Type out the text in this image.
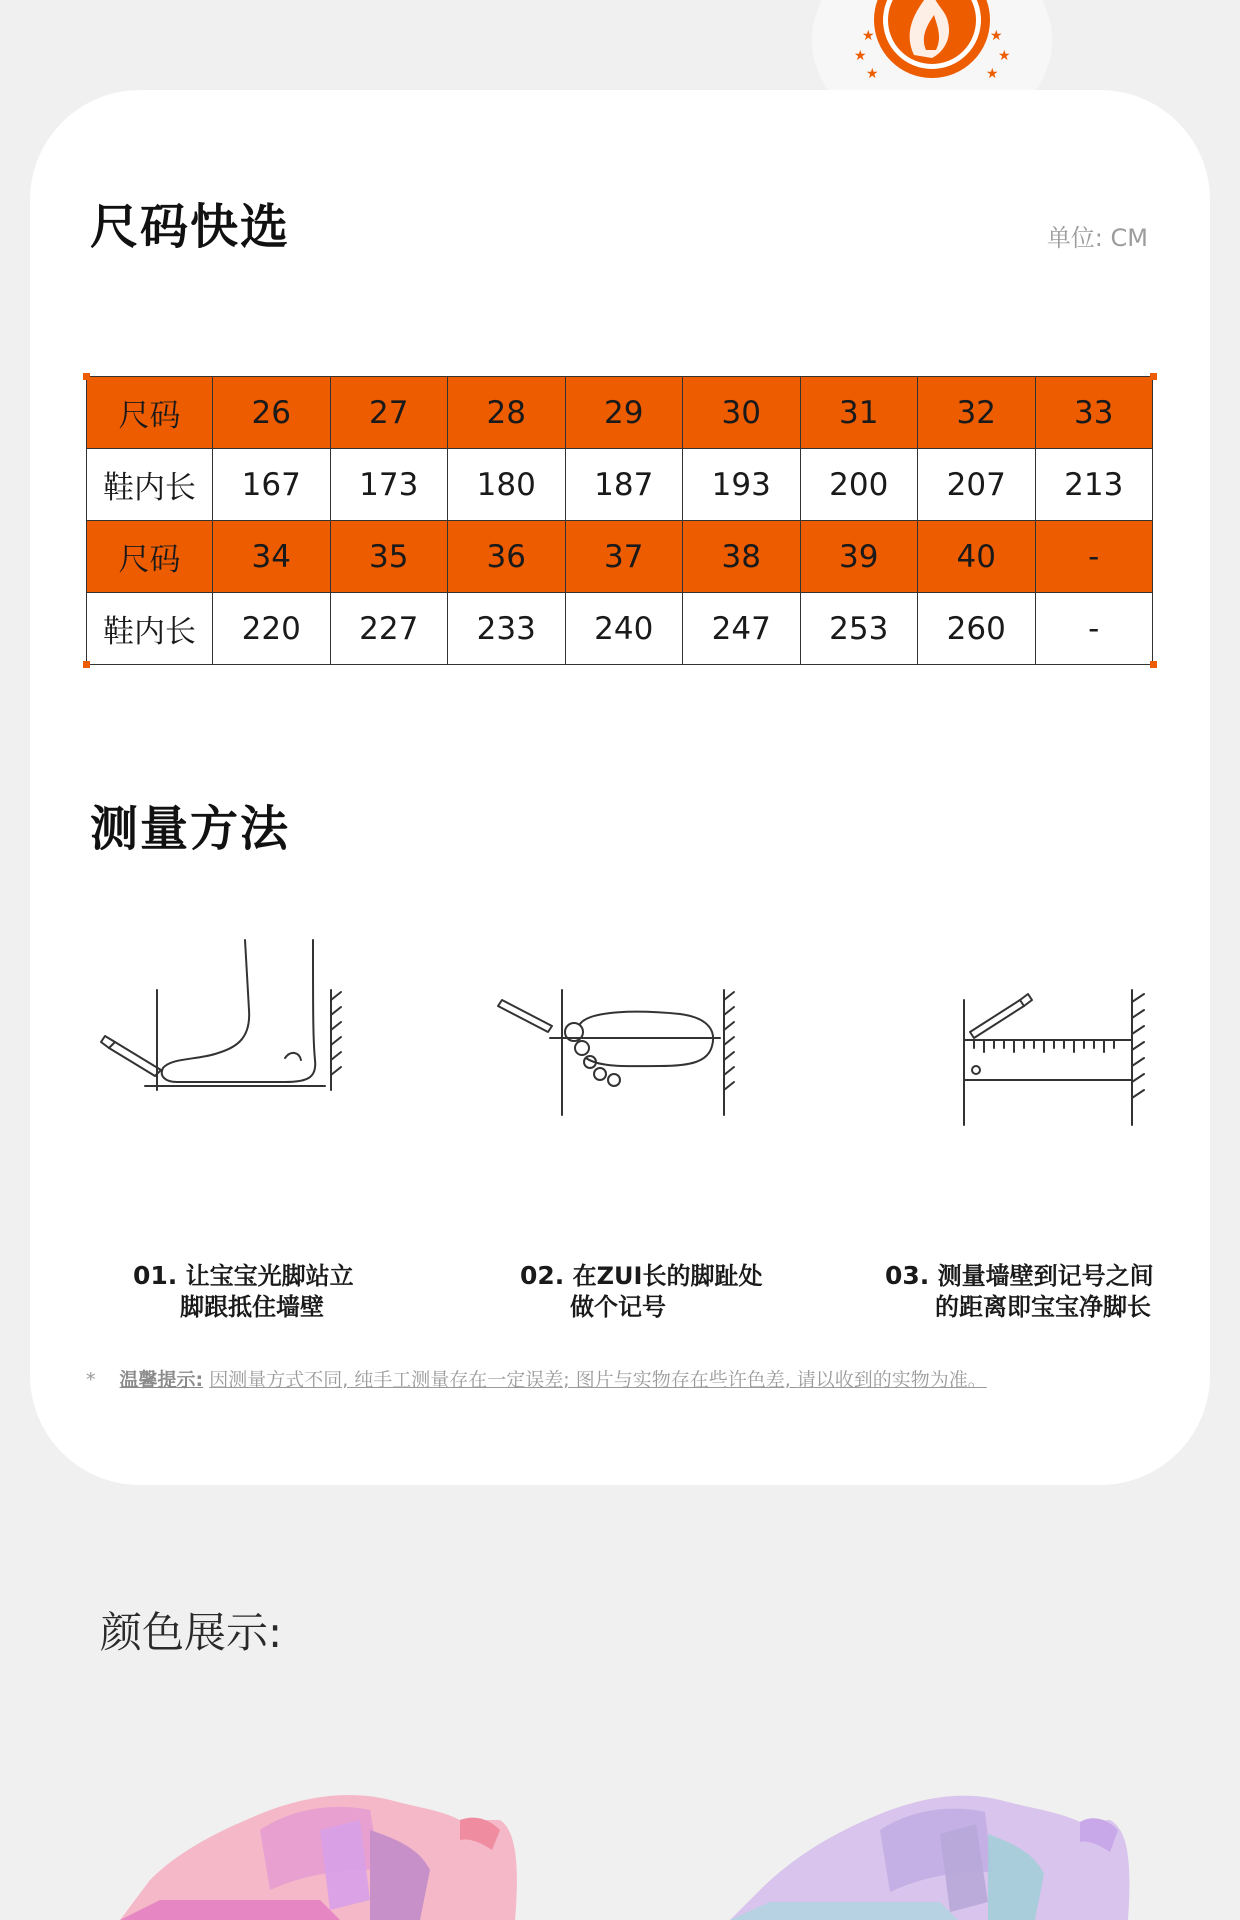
★
★
★
★
★
★
尺码快选	单位: CM
尺码	26	27	28	29	30	31	32	33
鞋内长	167	173	180	187	193	200	207	213
尺码	34	35	36	37	38	39	40	-
鞋内长	220	227	233	240	247	253	260	-
测量方法
01. 让宝宝光脚站立
脚跟抵住墙壁
02. 在ZUI长的脚趾处
做个记号
03. 测量墙壁到记号之间
的距离即宝宝净脚长
* 温馨提示: 因测量方式不同, 纯手工测量存在一定误差; 图片与实物存在些许色差, 请以收到的实物为准。
颜色展示:
